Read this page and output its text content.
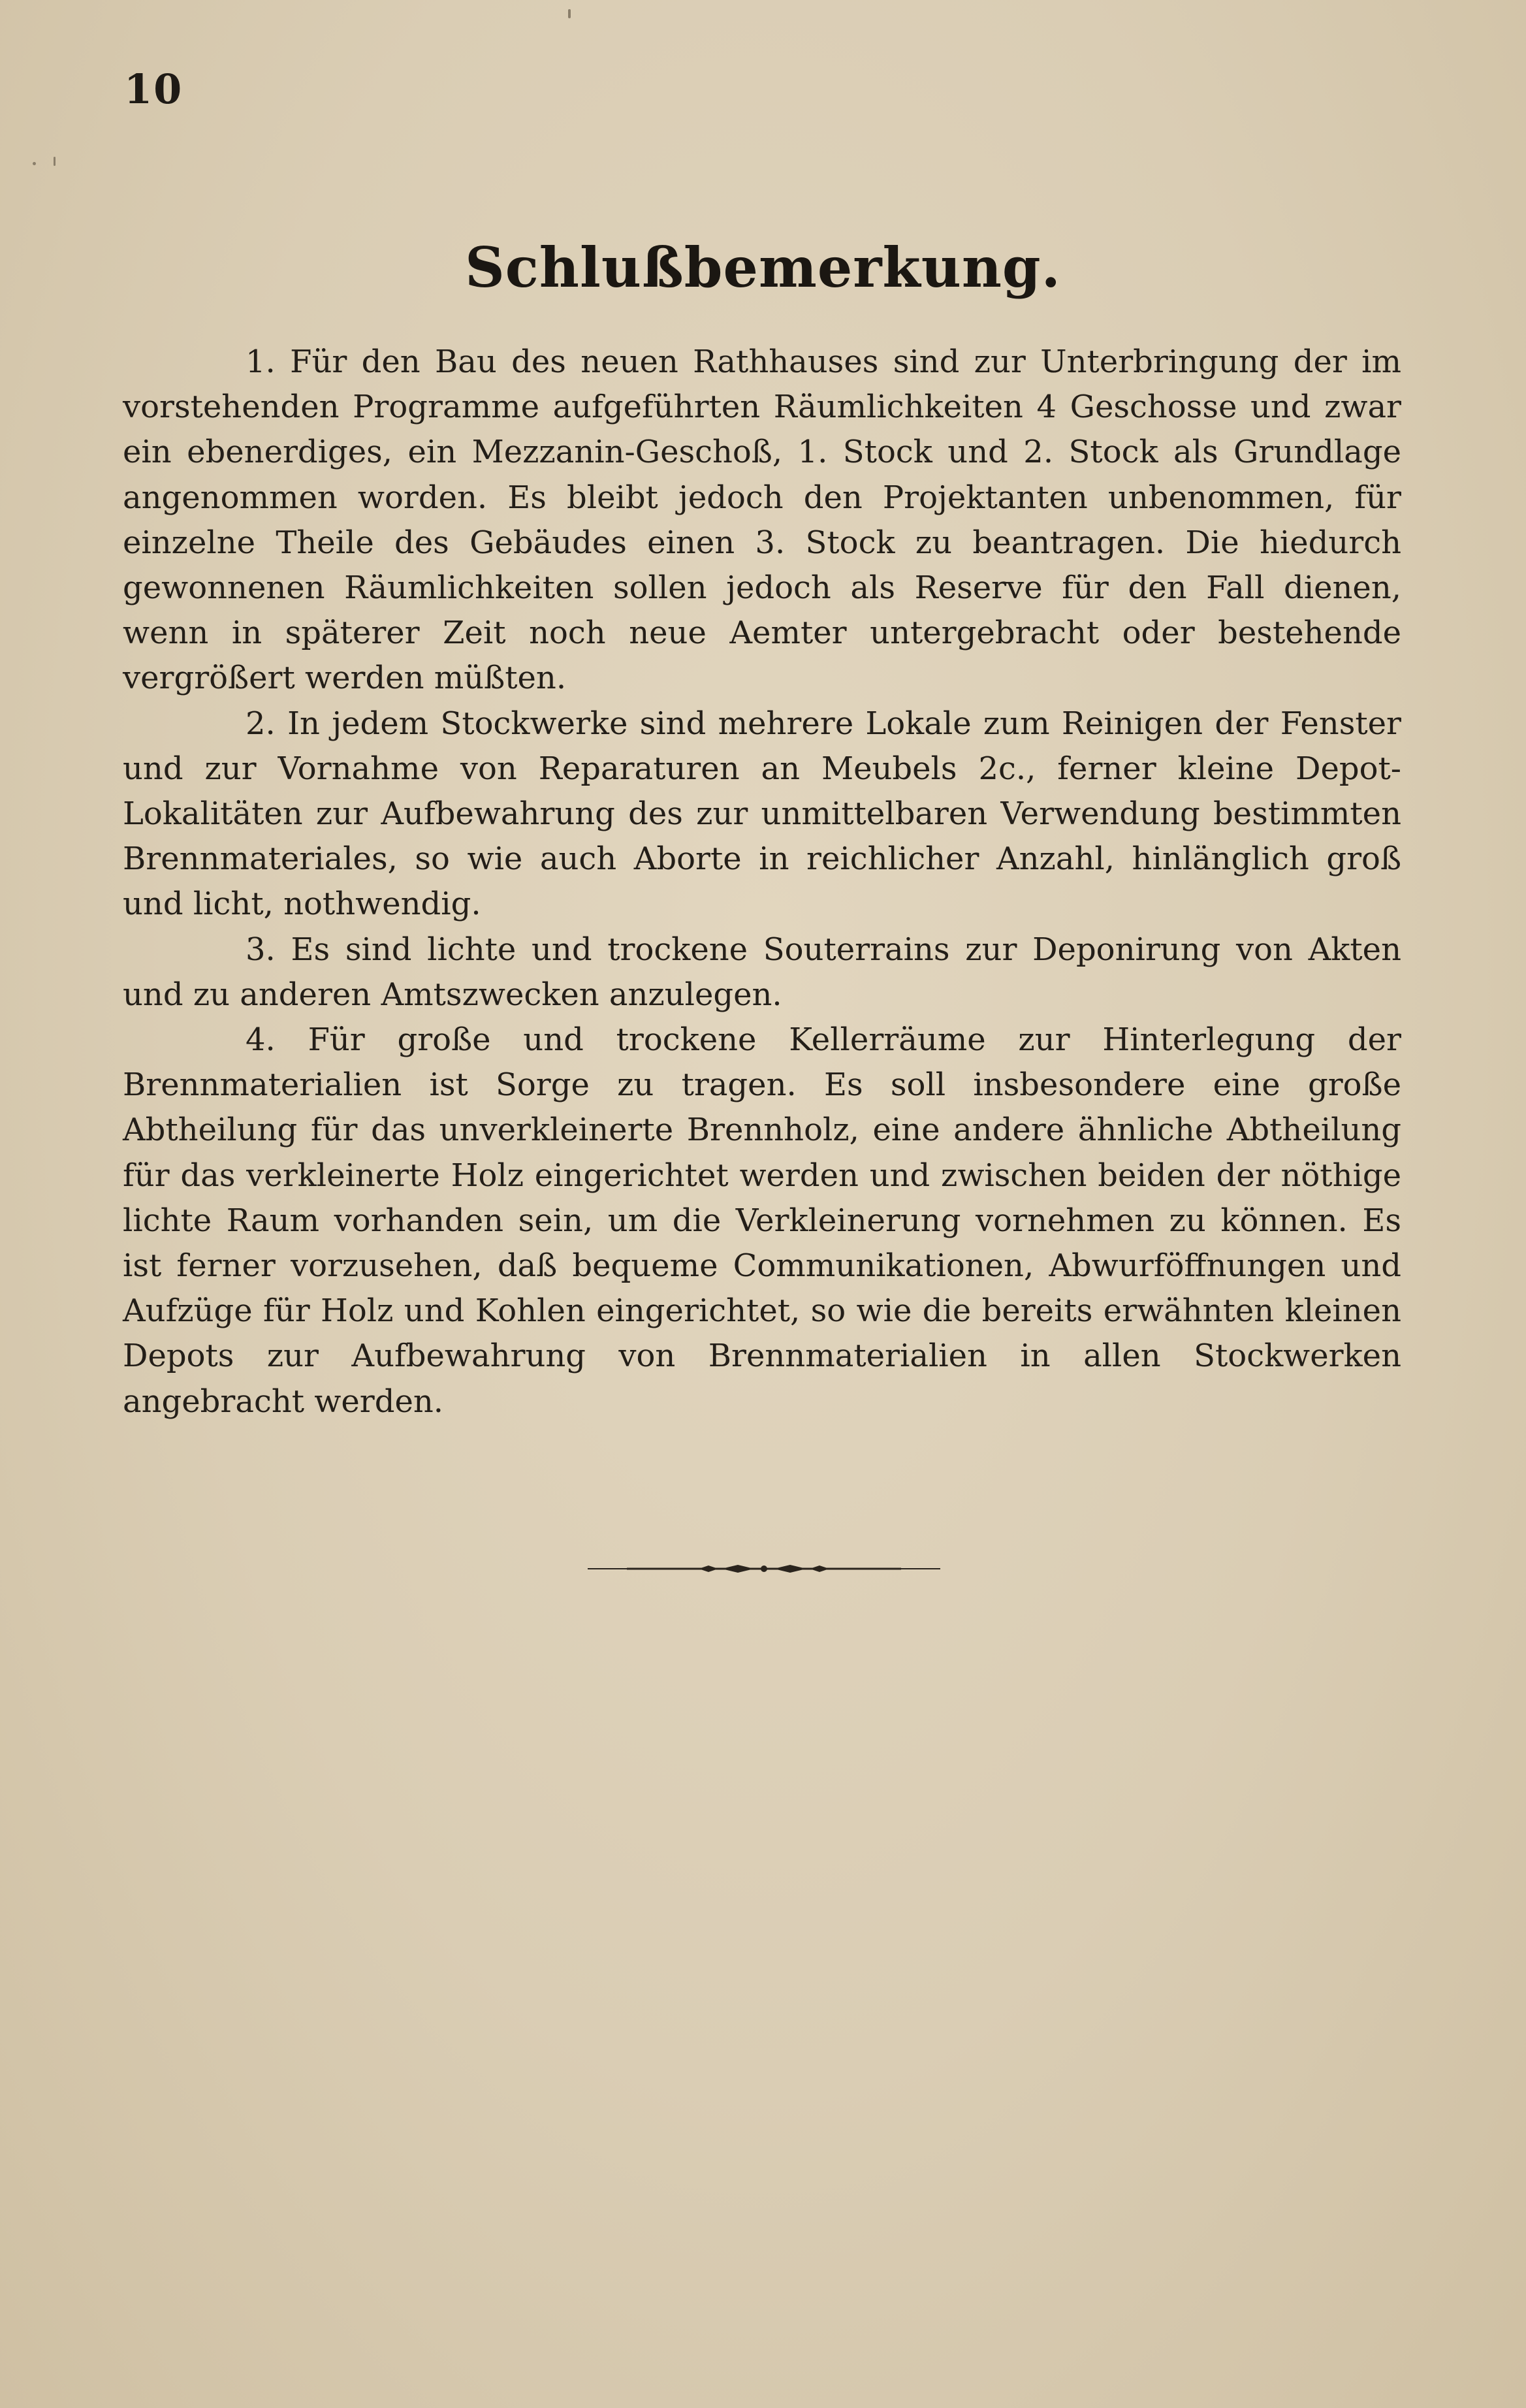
10
Schlußbemerkung.

1. Für den Bau des neuen Rathhauses sind zur Unterbringung der im vorstehenden Programme aufgeführten Räumlichkeiten 4 Geschosse und zwar ein ebenerdiges, ein Mezzanin-Geschoß, 1. Stock und 2. Stock als Grundlage angenommen worden. Es bleibt jedoch den Projektanten unbenommen, für einzelne Theile des Gebäudes einen 3. Stock zu beantragen. Die hiedurch gewonnenen Räumlichkeiten sollen jedoch als Reserve für den Fall dienen, wenn in späterer Zeit noch neue Aemter untergebracht oder bestehende vergrößert werden müßten.

2. In jedem Stockwerke sind mehrere Lokale zum Reinigen der Fenster und zur Vornahme von Reparaturen an Meubels 2c., ferner kleine Depot-Lokalitäten zur Aufbewahrung des zur unmittelbaren Verwendung bestimmten Brennmateriales, so wie auch Aborte in reichlicher Anzahl, hinlänglich groß und licht, nothwendig.

3. Es sind lichte und trockene Souterrains zur Deponirung von Akten und zu anderen Amtszwecken anzulegen.

4. Für große und trockene Kellerräume zur Hinterlegung der Brennmaterialien ist Sorge zu tragen. Es soll insbesondere eine große Abtheilung für das unverkleinerte Brennholz, eine andere ähnliche Abtheilung für das verkleinerte Holz eingerichtet werden und zwischen beiden der nöthige lichte Raum vorhanden sein, um die Verkleinerung vornehmen zu können. Es ist ferner vorzusehen, daß bequeme Communikationen, Abwurföffnungen und Aufzüge für Holz und Kohlen eingerichtet, so wie die bereits erwähnten kleinen Depots zur Aufbewahrung von Brennmaterialien in allen Stockwerken angebracht werden.
